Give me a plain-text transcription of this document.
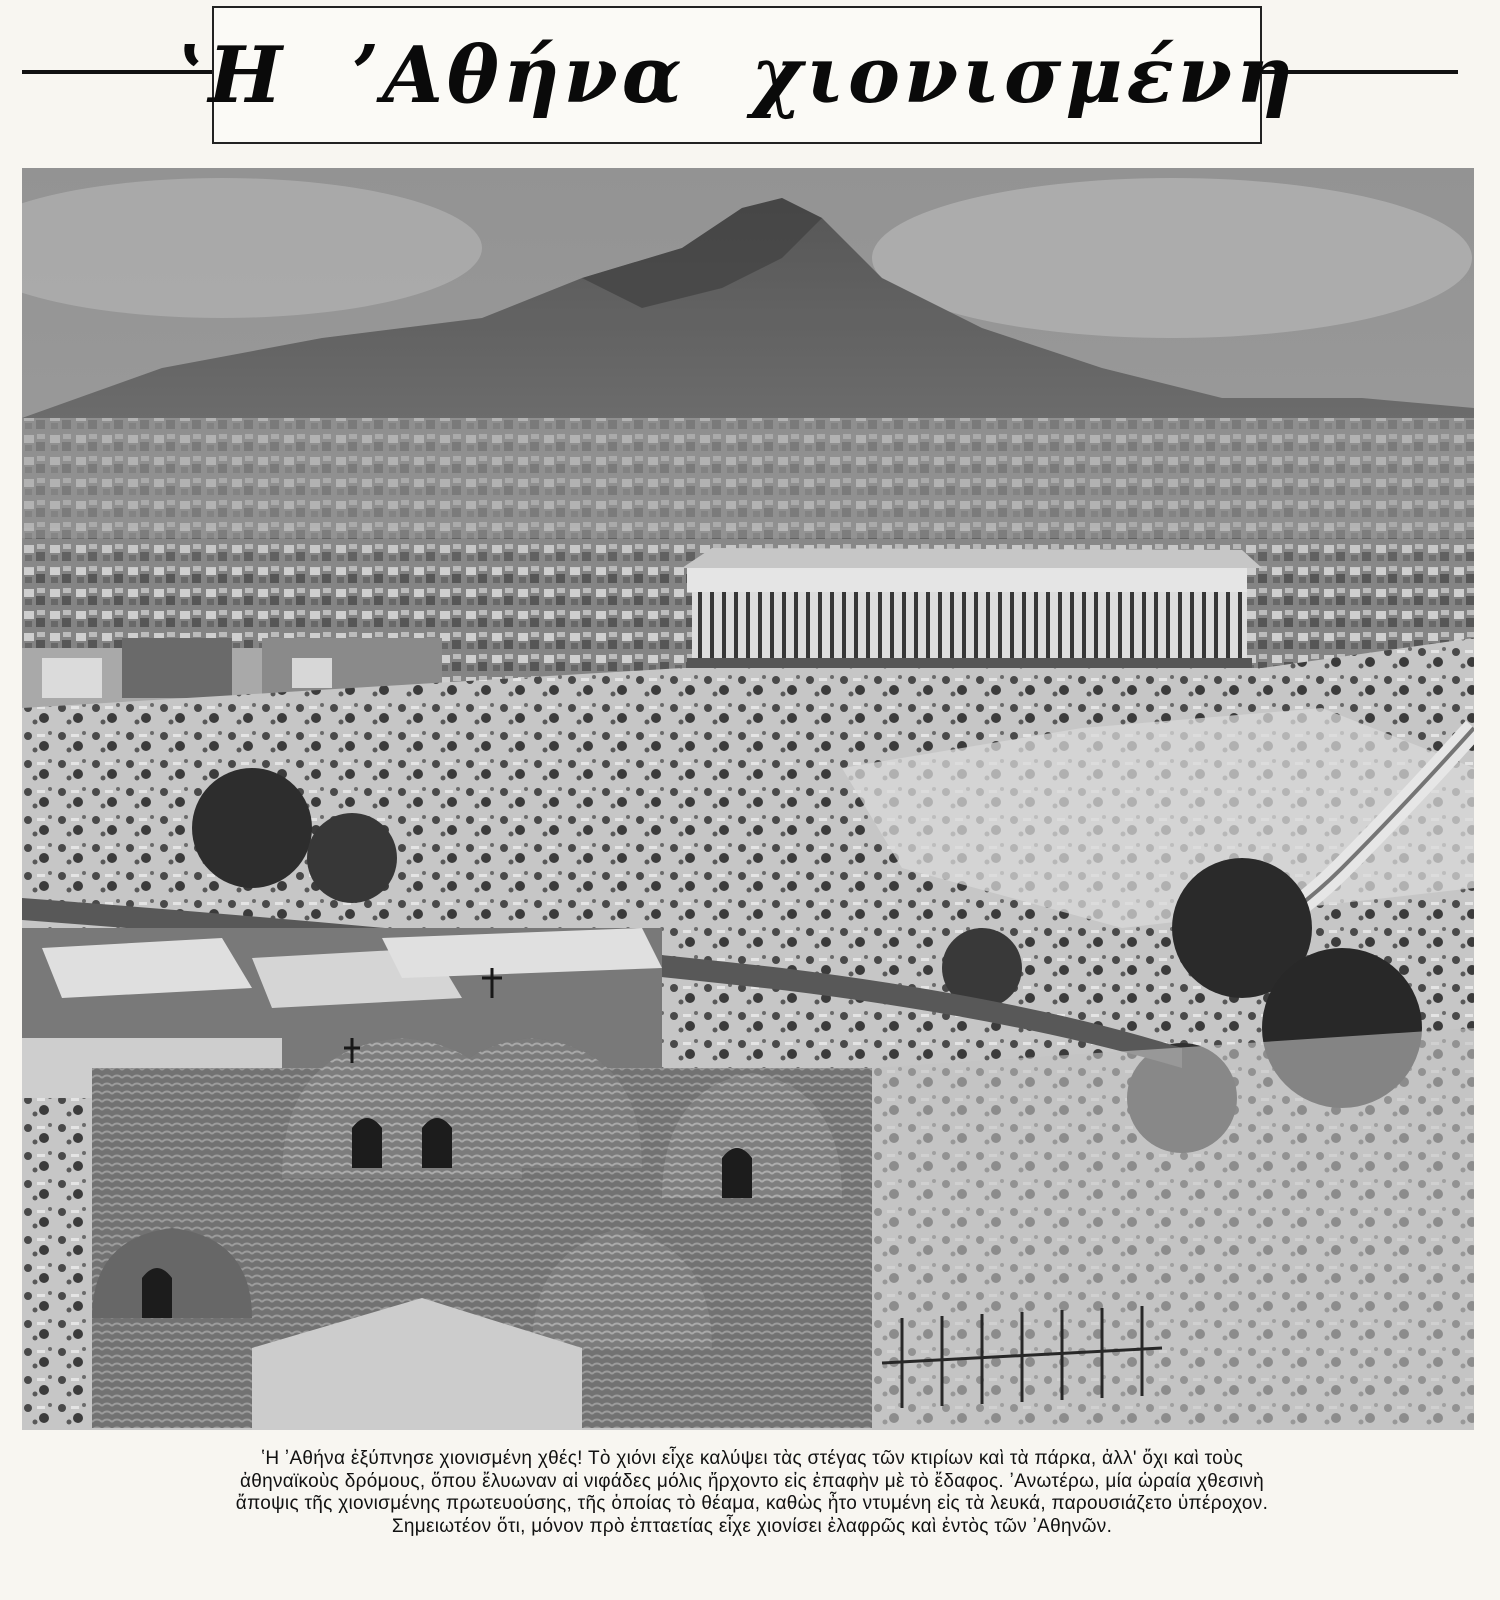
ʽΗ ʼΑθήνα χιονισμένη
ʽΗ ʼΑθήνα ἐξύπνησε χιονισμένη χθές! Τὸ χιόνι εἶχε καλύψει τὰς στέγας τῶν κτιρίων καὶ τὰ πάρκα, ἀλλ' ὄχι καὶ τοὺς
ἀθηναϊκοὺς δρόμους, ὅπου ἔλυωναν αἱ νιφάδες μόλις ἤρχοντο εἰς ἐπαφὴν μὲ τὸ ἔδαφος. ʼΑνωτέρω, μία ὡραία χθεσινὴ
ἄποψις τῆς χιονισμένης πρωτευούσης, τῆς ὁποίας τὸ θέαμα, καθὼς ἦτο ντυμένη εἰς τὰ λευκά, παρουσιάζετο ὑπέροχον.
Σημειωτέον ὅτι, μόνον πρὸ ἑπταετίας εἶχε χιονίσει ἐλαφρῶς καὶ ἐντὸς τῶν ʼΑθηνῶν.
